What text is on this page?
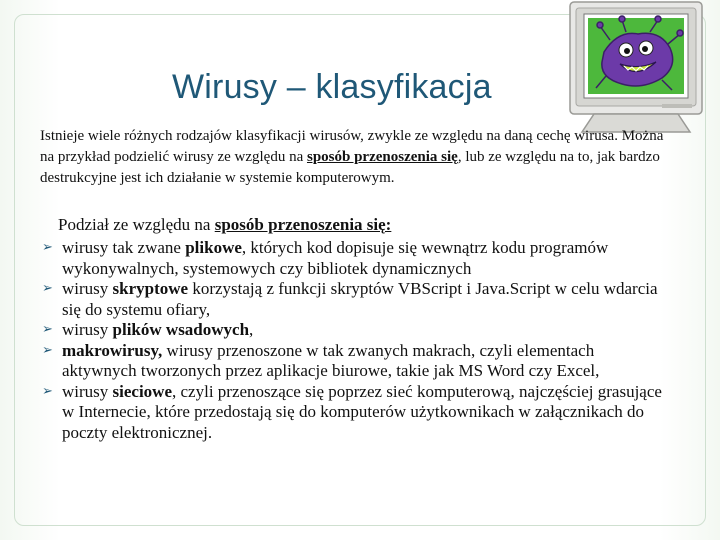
Wirusy – klasyfikacja

Istnieje wiele różnych rodzajów klasyfikacji wirusów, zwykle ze względu na daną cechę wirusa. Można na przykład podzielić wirusy ze względu na sposób przenoszenia się, lub ze względu na to, jak bardzo destrukcyjne jest ich działanie w systemie komputerowym.

Podział ze względu na sposób przenoszenia się:

➢ wirusy tak zwane plikowe, których kod dopisuje się wewnątrz kodu programów wykonywalnych, systemowych czy bibliotek dynamicznych
➢ wirusy skryptowe korzystają z funkcji skryptów VBScript i Java.Script w celu wdarcia się do systemu ofiary,
➢ wirusy plików wsadowych,
➢ makrowirusy, wirusy przenoszone w tak zwanych makrach, czyli elementach aktywnych tworzonych przez aplikacje biurowe, takie jak MS Word czy Excel,
➢ wirusy sieciowe, czyli przenoszące się poprzez sieć komputerową, najczęściej grasujące w Internecie, które przedostają się do komputerów użytkownikach w załącznikach do poczty elektronicznej.
